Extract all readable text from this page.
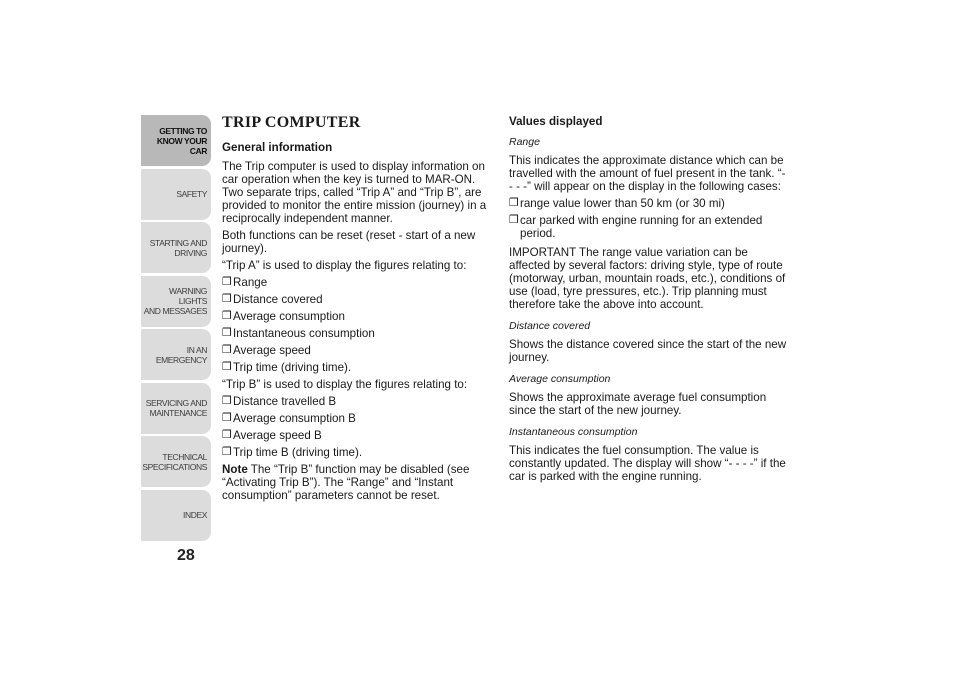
GETTING TO
KNOW YOUR CAR
SAFETY
STARTING AND
DRIVING
WARNING LIGHTS
AND MESSAGES
IN AN EMERGENCY
SERVICING AND
MAINTENANCE
TECHNICAL
SPECIFICATIONS
INDEX
28
TRIP COMPUTER
General information

The Trip computer is used to display information on car operation when the key is turned to MAR-ON. Two separate trips, called “Trip A” and “Trip B”, are provided to monitor the entire mission (journey) in a reciprocally independent manner.

Both functions can be reset (reset - start of a new journey).

“Trip A” is used to display the figures relating to:

❒ Range
❒ Distance covered
❒ Average consumption
❒ Instantaneous consumption
❒ Average speed
❒ Trip time (driving time).

“Trip B” is used to display the figures relating to:

❒ Distance travelled B
❒ Average consumption B
❒ Average speed B
❒ Trip time B (driving time).

Note The “Trip B” function may be disabled (see “Activating Trip B”). The “Range” and “Instant consumption” parameters cannot be reset.

Values displayed
Range

This indicates the approximate distance which can be travelled with the amount of fuel present in the tank. “- - - -” will appear on the display in the following cases:

❒ range value lower than 50 km (or 30 mi)
❒ car parked with engine running for an extended period.

IMPORTANT The range value variation can be affected by several factors: driving style, type of route (motorway, urban, mountain roads, etc.), conditions of use (load, tyre pressures, etc.). Trip planning must therefore take the above into account.

Distance covered

Shows the distance covered since the start of the new journey.

Average consumption

Shows the approximate average fuel consumption since the start of the new journey.

Instantaneous consumption

This indicates the fuel consumption. The value is constantly updated. The display will show “- - - -” if the car is parked with the engine running.
